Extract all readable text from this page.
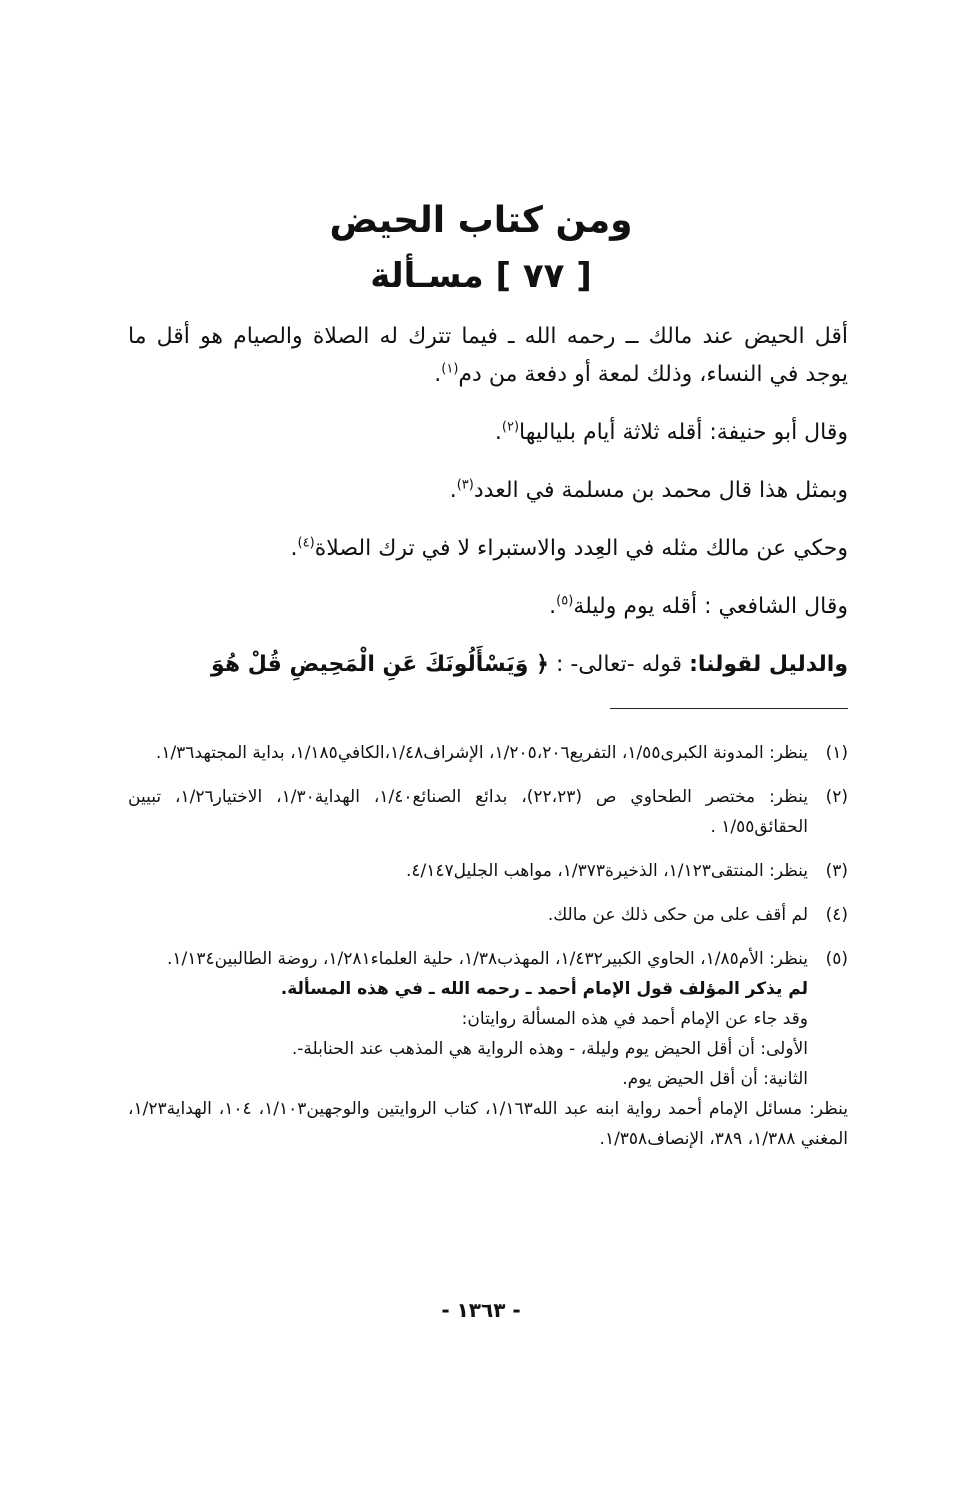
ومن كتاب الحيض
[ ٧٧ ] مسـألة

أقل الحيض عند مالك ــ رحمه الله ـ فيما تترك له الصلاة والصيام هو أقل ما يوجد في النساء، وذلك لمعة أو دفعة من دم$^{(١)}$.

وقال أبو حنيفة: أقله ثلاثة أيام بلياليها$^{(٢)}$.

وبمثل هذا قال محمد بن مسلمة في العدد$^{(٣)}$.

وحكي عن مالك مثله في العِدد والاستبراء لا في ترك الصلاة$^{(٤)}$.

وقال الشافعي : أقله يوم وليلة$^{(٥)}$.

والدليل لقولنا: قوله -تعالى- : ﴿ وَيَسْأَلُونَكَ عَنِ الْمَحِيضِ قُلْ هُوَ

(١)
ينظر: المدونة الكبرى١/٥٥، التفريع١/٢٠٥،٢٠٦، الإشراف١/٤٨،الكافي١/١٨٥، بداية المجتهد١/٣٦.
(٢)
ينظر: مختصر الطحاوي ص (٢٢،٢٣)، بدائع الصنائع١/٤٠، الهداية١/٣٠، الاختيار١/٢٦، تبيين الحقائق١/٥٥ .
(٣)
ينظر: المنتقى١/١٢٣، الذخيرة١/٣٧٣، مواهب الجليل٤/١٤٧.
(٤)
لم أقف على من حكى ذلك عن مالك.
(٥)
ينظر: الأم١/٨٥، الحاوي الكبير١/٤٣٢، المهذب١/٣٨، حلية العلماء١/٢٨١، روضة الطالبين١/١٣٤.
لم يذكر المؤلف قول الإمام أحمد ـ رحمه الله ـ في هذه المسألة.
وقد جاء عن الإمام أحمد في هذه المسألة روايتان:
الأولى: أن أقل الحيض يوم وليلة، - وهذه الرواية هي المذهب عند الحنابلة-.
الثانية: أن أقل الحيض يوم.
ينظر: مسائل الإمام أحمد رواية ابنه عبد الله١/١٦٣، كتاب الروايتين والوجهين١/١٠٣، ١٠٤، الهداية١/٢٣، المغني ١/٣٨٨، ٣٨٩، الإنصاف١/٣٥٨.
- ١٣٦٣ -
